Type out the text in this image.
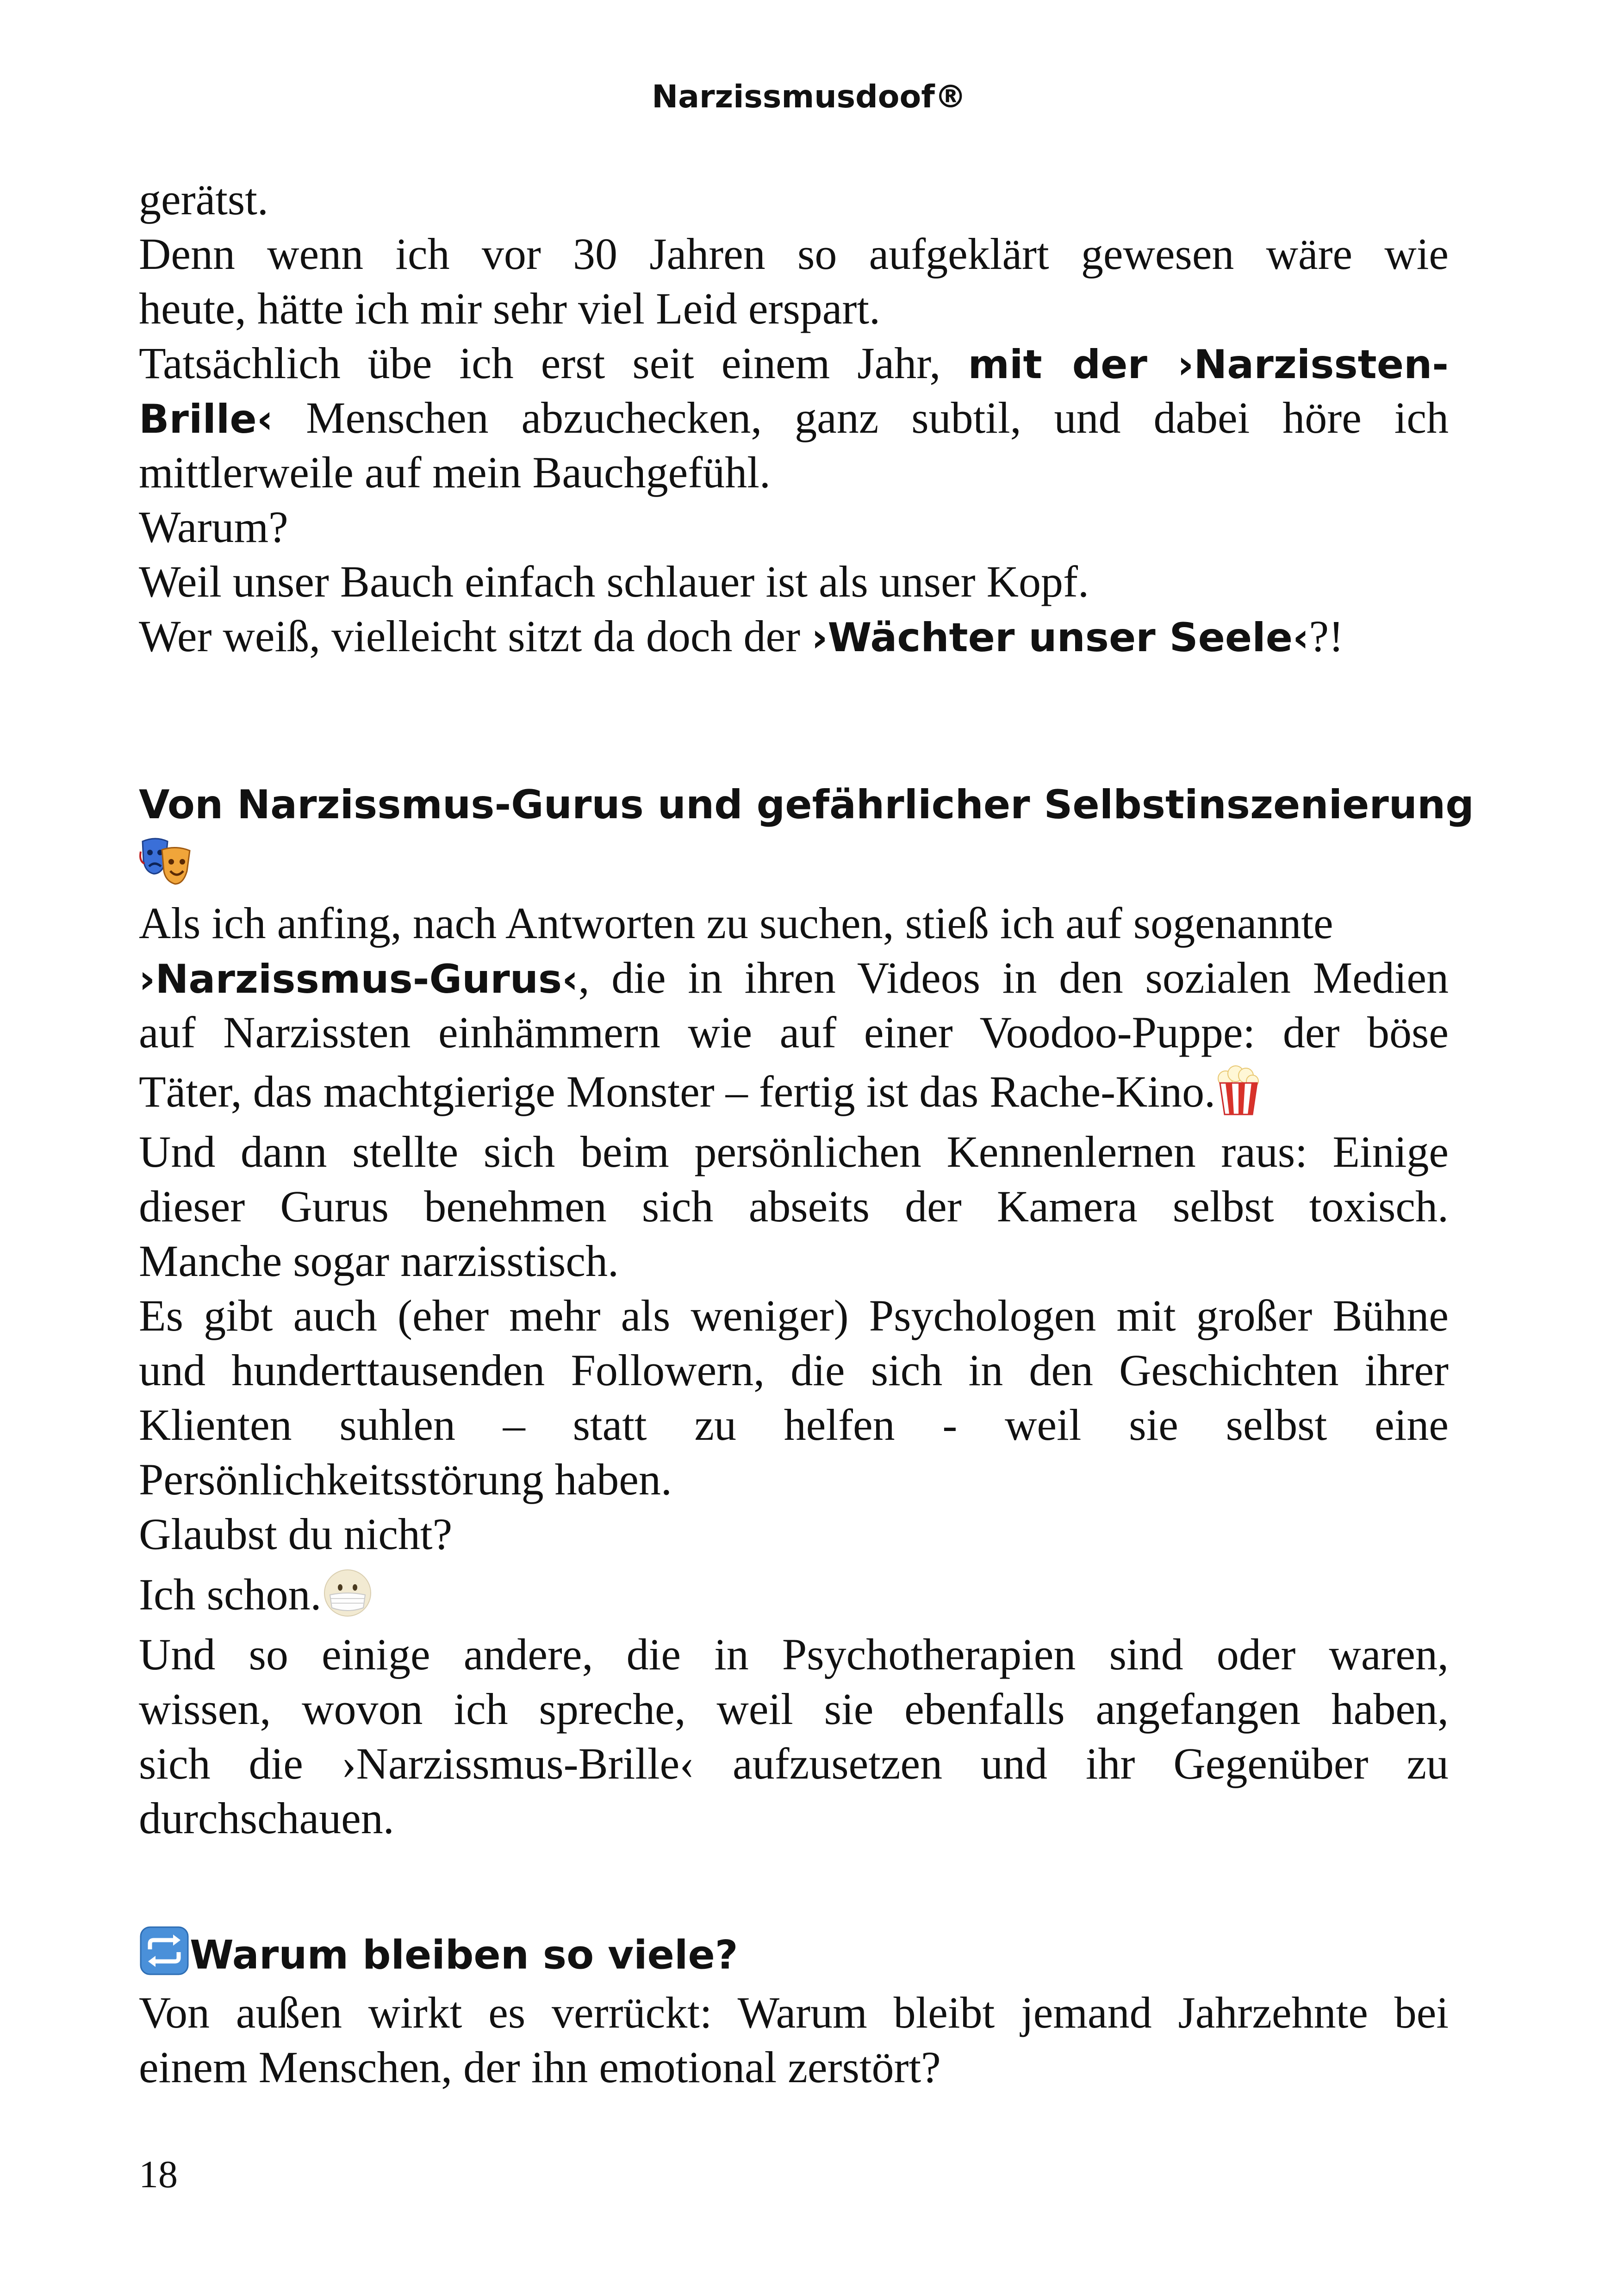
Narzissmusdoof®
gerätst.
Denn wenn ich vor 30 Jahren so aufgeklärt gewesen wäre wie
heute, hätte ich mir sehr viel Leid erspart.
Tatsächlich übe ich erst seit einem Jahr, mit der ›Narzissten-
Brille‹ Menschen abzuchecken, ganz subtil, und dabei höre ich
mittlerweile auf mein Bauchgefühl.
Warum?
Weil unser Bauch einfach schlauer ist als unser Kopf.
Wer weiß, vielleicht sitzt da doch der ›Wächter unser Seele‹?!
Von Narzissmus-Gurus und gefährlicher Selbstinszenierung
Als ich anfing, nach Antworten zu suchen, stieß ich auf sogenannte
›Narzissmus-Gurus‹, die in ihren Videos in den sozialen Medien
auf Narzissten einhämmern wie auf einer Voodoo-Puppe: der böse
Täter, das machtgierige Monster – fertig ist das Rache-Kino.
Und dann stellte sich beim persönlichen Kennenlernen raus: Einige
dieser Gurus benehmen sich abseits der Kamera selbst toxisch.
Manche sogar narzisstisch.
Es gibt auch (eher mehr als weniger) Psychologen mit großer Bühne
und hunderttausenden Followern, die sich in den Geschichten ihrer
Klienten suhlen – statt zu helfen - weil sie selbst eine
Persönlichkeitsstörung haben.
Glaubst du nicht?
Ich schon.
Und so einige andere, die in Psychotherapien sind oder waren,
wissen, wovon ich spreche, weil sie ebenfalls angefangen haben,
sich die ›Narzissmus-Brille‹ aufzusetzen und ihr Gegenüber zu
durchschauen.
Warum bleiben so viele?
Von außen wirkt es verrückt: Warum bleibt jemand Jahrzehnte bei
einem Menschen, der ihn emotional zerstört?
18
